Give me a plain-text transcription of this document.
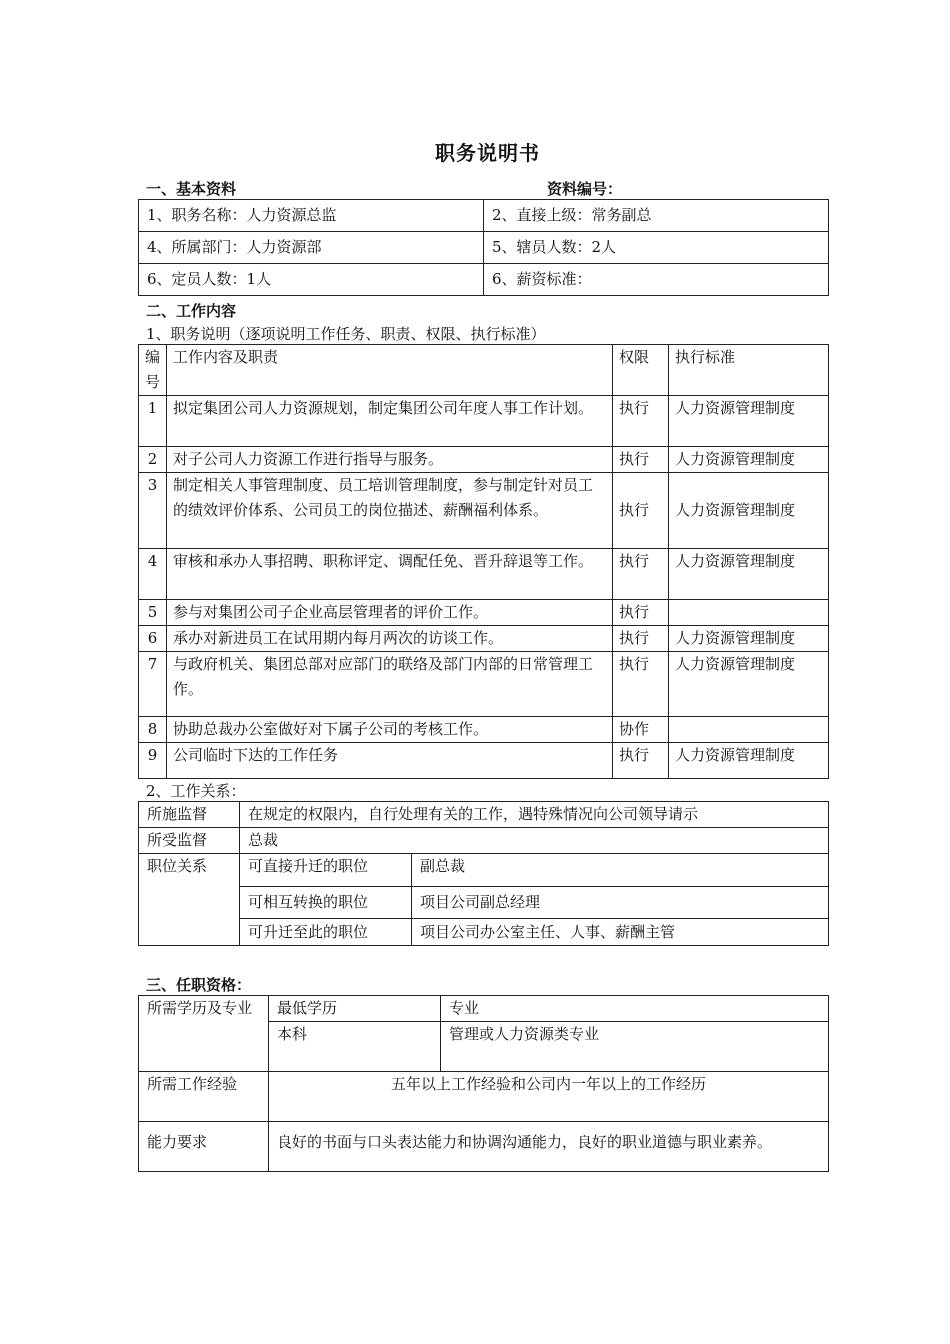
职务说明书
一、基本资料	资料编号：
1、职务名称：人力资源总监	2、直接上级：常务副总
4、所属部门：人力资源部	5、辖员人数：2人
6、定员人数：1人	6、薪资标准：
二、工作内容
1、职务说明（逐项说明工作任务、职责、权限、执行标准）
编号	工作内容及职责	权限	执行标准
1	拟定集团公司人力资源规划，制定集团公司年度人事工作计划。	执行	人力资源管理制度
2	对子公司人力资源工作进行指导与服务。	执行	人力资源管理制度
3	制定相关人事管理制度、员工培训管理制度，参与制定针对员工的绩效评价体系、公司员工的岗位描述、薪酬福利体系。	执行	人力资源管理制度
4	审核和承办人事招聘、职称评定、调配任免、晋升辞退等工作。	执行	人力资源管理制度
5	参与对集团公司子企业高层管理者的评价工作。	执行	
6	承办对新进员工在试用期内每月两次的访谈工作。	执行	人力资源管理制度
7	与政府机关、集团总部对应部门的联络及部门内部的日常管理工作。	执行	人力资源管理制度
8	协助总裁办公室做好对下属子公司的考核工作。	协作	
9	公司临时下达的工作任务	执行	人力资源管理制度
2、工作关系：
所施监督	在规定的权限内，自行处理有关的工作，遇特殊情况向公司领导请示	
所受监督	总裁	
职位关系	可直接升迁的职位	副总裁
	可相互转换的职位	项目公司副总经理
	可升迁至此的职位	项目公司办公室主任、人事、薪酬主管
三、任职资格：
所需学历及专业	最低学历	专业
	本科	管理或人力资源类专业
所需工作经验	五年以上工作经验和公司内一年以上的工作经历	
能力要求	良好的书面与口头表达能力和协调沟通能力，良好的职业道德与职业素养。	
